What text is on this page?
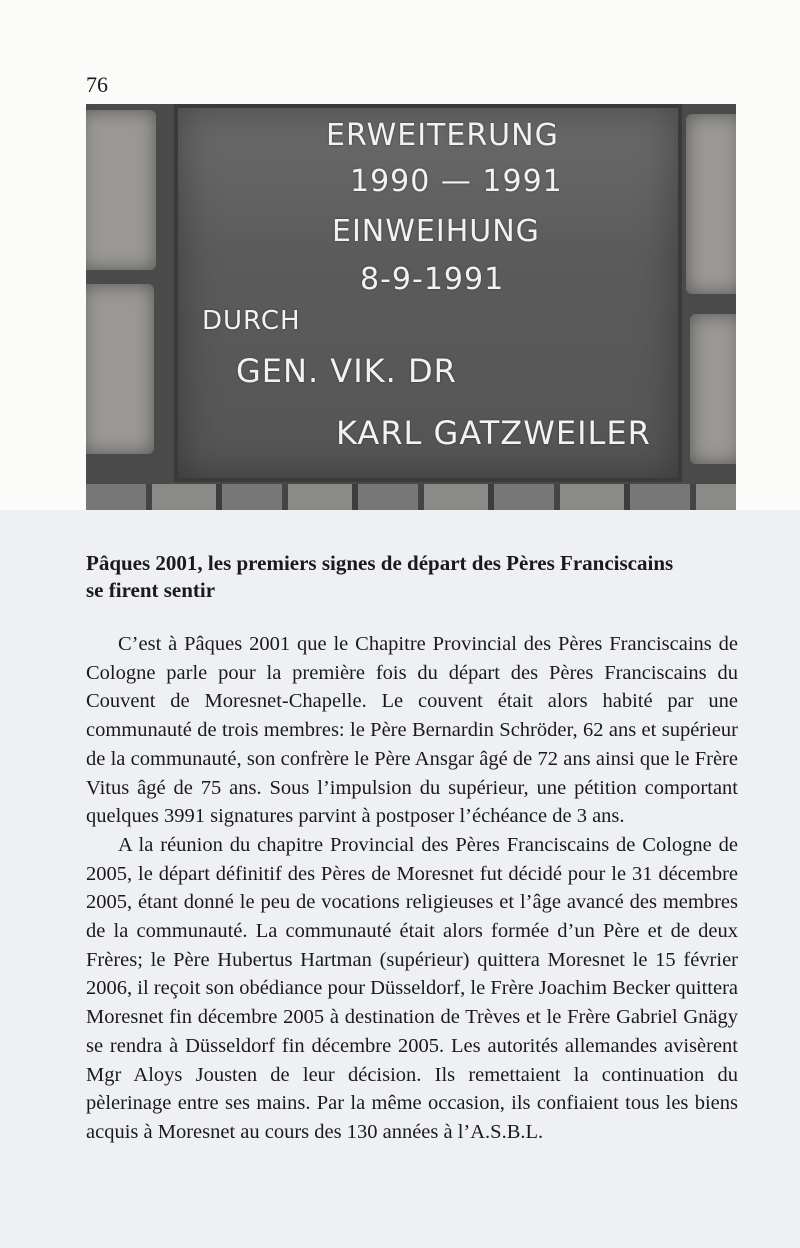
76
ERWEITERUNG
1990 — 1991
EINWEIHUNG
8-9-1991
DURCH
GEN. VIK. DR
KARL GATZWEILER
Pâques 2001, les premiers signes de départ des Pères Franciscains
se firent sentir

C’est à Pâques 2001 que le Chapitre Provincial des Pères Franciscains de Cologne parle pour la première fois du départ des Pères Franciscains du Couvent de Moresnet-Chapelle. Le couvent était alors habité par une communauté de trois membres: le Père Bernardin Schröder, 62 ans et supérieur de la communauté, son confrère le Père Ansgar âgé de 72 ans ainsi que le Frère Vitus âgé de 75 ans. Sous l’impulsion du supérieur, une pétition comportant quelques 3991 signatures parvint à postposer l’échéance de 3 ans.

A la réunion du chapitre Provincial des Pères Franciscains de Cologne de 2005, le départ définitif des Pères de Moresnet fut décidé pour le 31 décembre 2005, étant donné le peu de vocations religieuses et l’âge avancé des membres de la communauté. La communauté était alors formée d’un Père et de deux Frères; le Père Hubertus Hartman (supérieur) quittera Moresnet le 15 février 2006, il reçoit son obédiance pour Düsseldorf, le Frère Joachim Becker quittera Moresnet fin décembre 2005 à destination de Trèves et le Frère Gabriel Gnägy se rendra à Düsseldorf fin décembre 2005. Les autorités allemandes avisèrent Mgr Aloys Jousten de leur décision. Ils remettaient la continuation du pèlerinage entre ses mains. Par la même occasion, ils confiaient tous les biens acquis à Moresnet au cours des 130 années à l’A.S.B.L.
